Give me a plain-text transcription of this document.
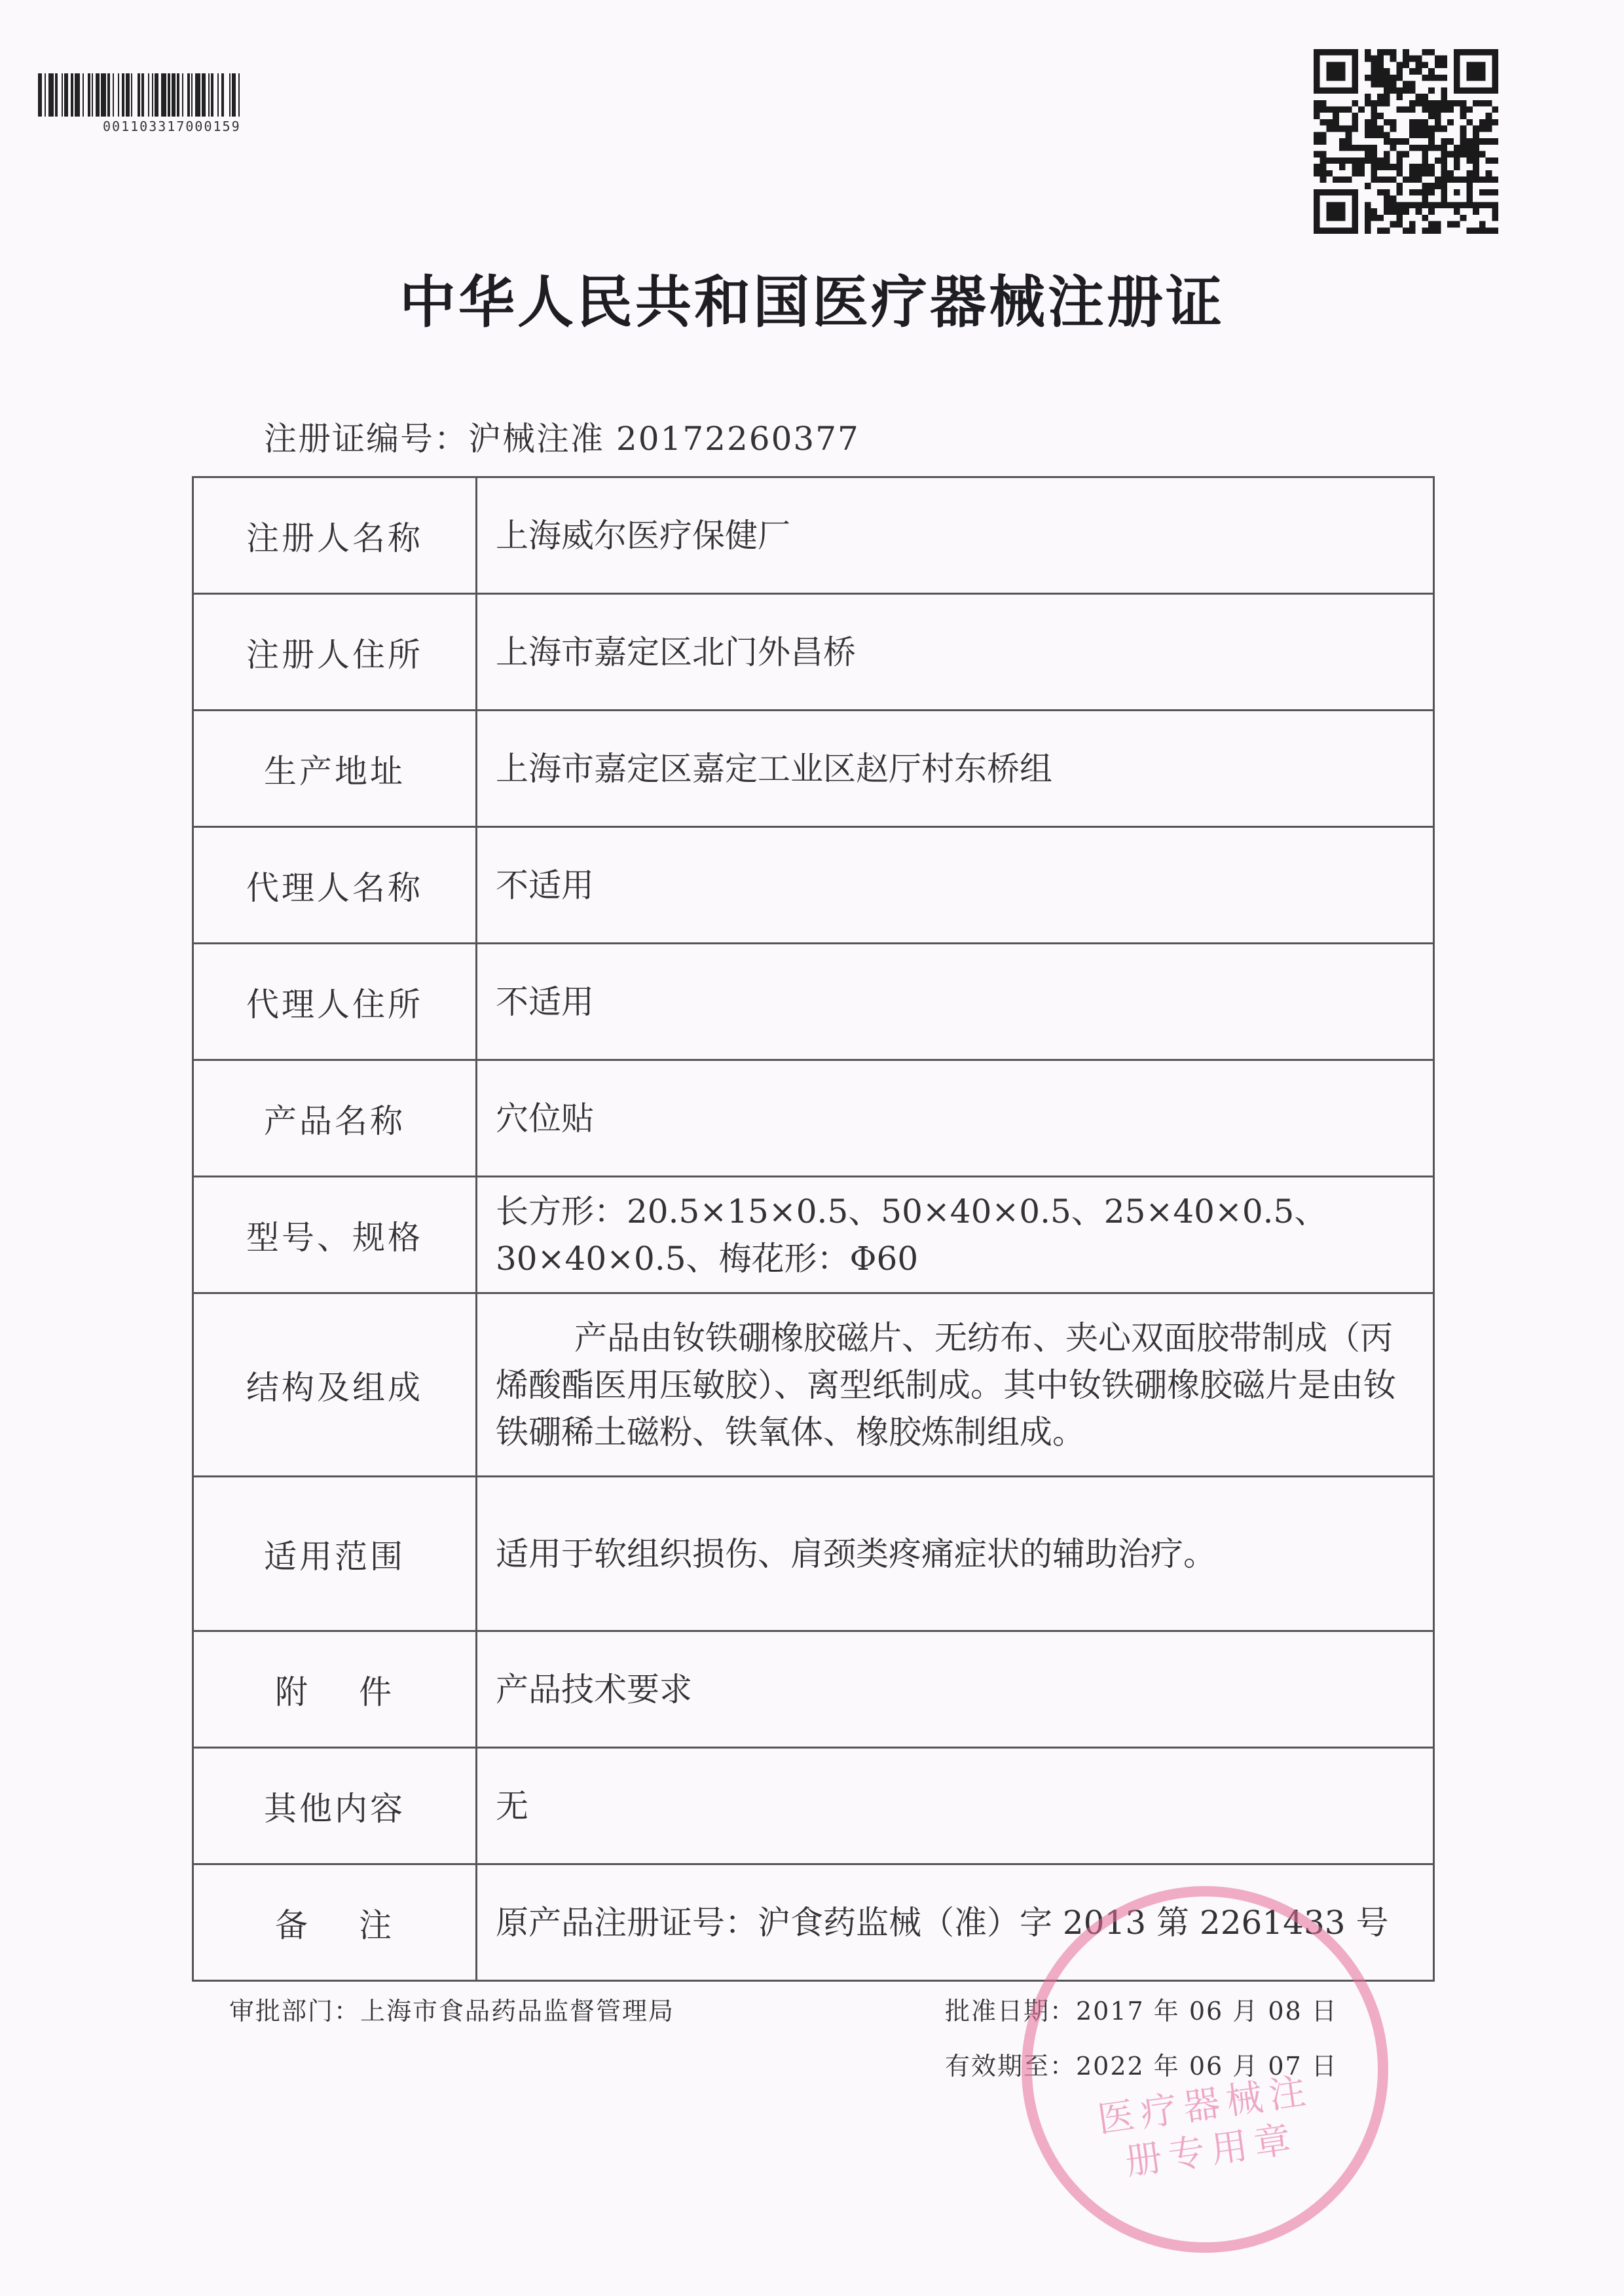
001103317000159
中华人民共和国医疗器械注册证
注册证编号：沪械注准 20172260377
注册人名称	上海威尔医疗保健厂
注册人住所	上海市嘉定区北门外昌桥
生产地址	上海市嘉定区嘉定工业区赵厅村东桥组
代理人名称	不适用
代理人住所	不适用
产品名称	穴位贴
型号、规格	长方形：20.5×15×0.5、50×40×0.5、25×40×0.5、30×40×0.5、梅花形：Φ60
结构及组成	产品由钕铁硼橡胶磁片、无纺布、夹心双面胶带制成（丙烯酸酯医用压敏胶）、离型纸制成。其中钕铁硼橡胶磁片是由钕铁硼稀土磁粉、铁氧体、橡胶炼制组成。
适用范围	适用于软组织损伤、肩颈类疼痛症状的辅助治疗。
附　 件	产品技术要求
其他内容	无
备　 注	原产品注册证号：沪食药监械（准）字 2013 第 2261433 号
审批部门：上海市食品药品监督管理局	批准日期：2017 年 06 月 08 日
有效期至：2022 年 06 月 07 日
医疗器械注册专用章
